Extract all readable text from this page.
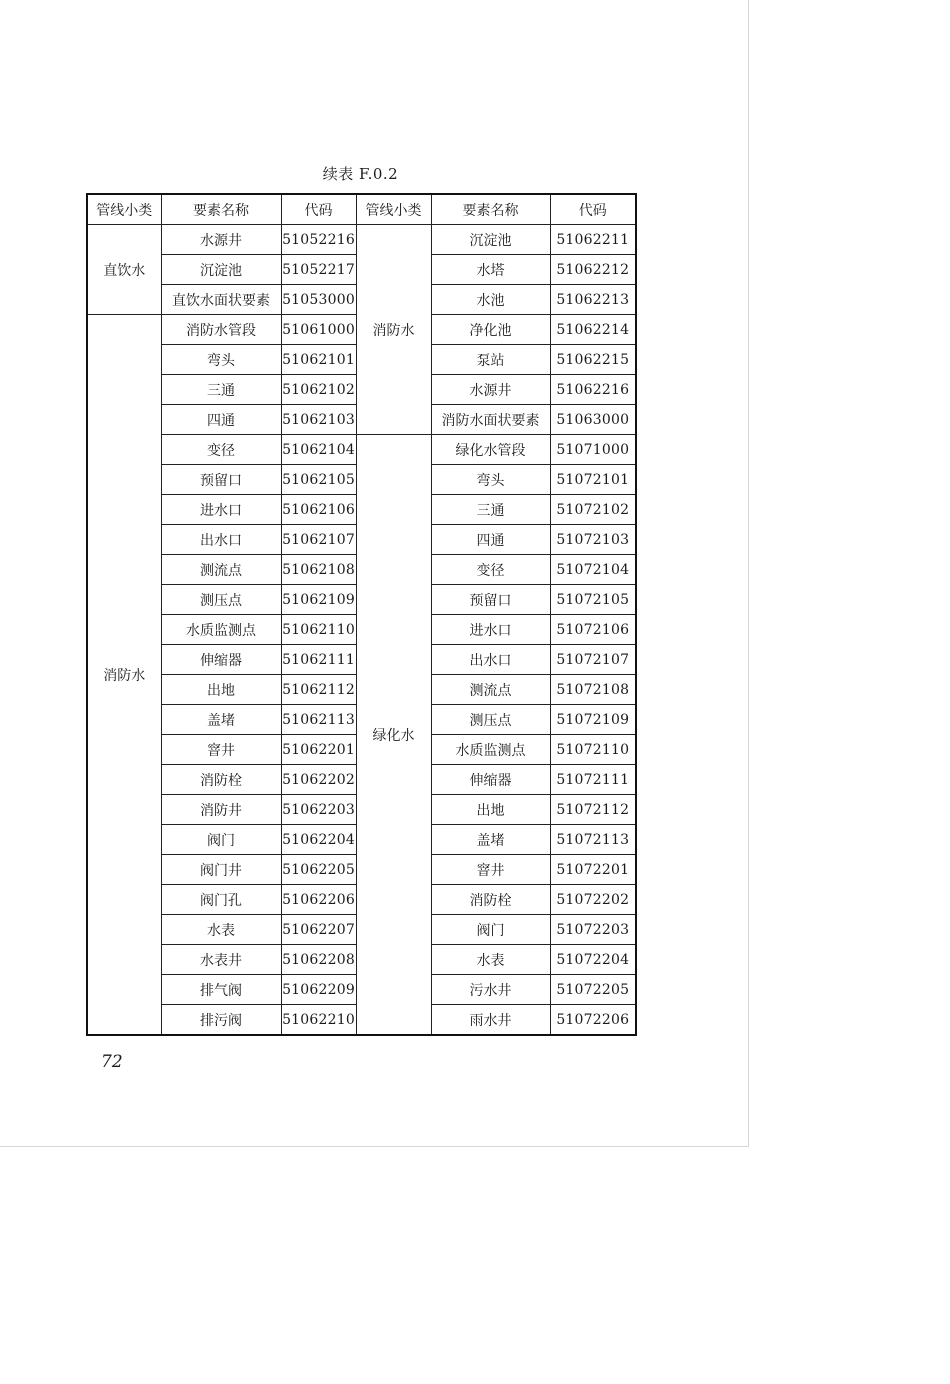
续表 F.0.2
管线小类	要素名称	代码	管线小类	要素名称	代码
直饮水	水源井	51052216	消防水	沉淀池	51062211
	沉淀池	51052217		水塔	51062212
	直饮水面状要素	51053000		水池	51062213
消防水	消防水管段	51061000		净化池	51062214
	弯头	51062101		泵站	51062215
	三通	51062102		水源井	51062216
	四通	51062103		消防水面状要素	51063000
	变径	51062104	绿化水	绿化水管段	51071000
	预留口	51062105		弯头	51072101
	进水口	51062106		三通	51072102
	出水口	51062107		四通	51072103
	测流点	51062108		变径	51072104
	测压点	51062109		预留口	51072105
	水质监测点	51062110		进水口	51072106
	伸缩器	51062111		出水口	51072107
	出地	51062112		测流点	51072108
	盖堵	51062113		测压点	51072109
	窨井	51062201		水质监测点	51072110
	消防栓	51062202		伸缩器	51072111
	消防井	51062203		出地	51072112
	阀门	51062204		盖堵	51072113
	阀门井	51062205		窨井	51072201
	阀门孔	51062206		消防栓	51072202
	水表	51062207		阀门	51072203
	水表井	51062208		水表	51072204
	排气阀	51062209		污水井	51072205
	排污阀	51062210		雨水井	51072206
72
